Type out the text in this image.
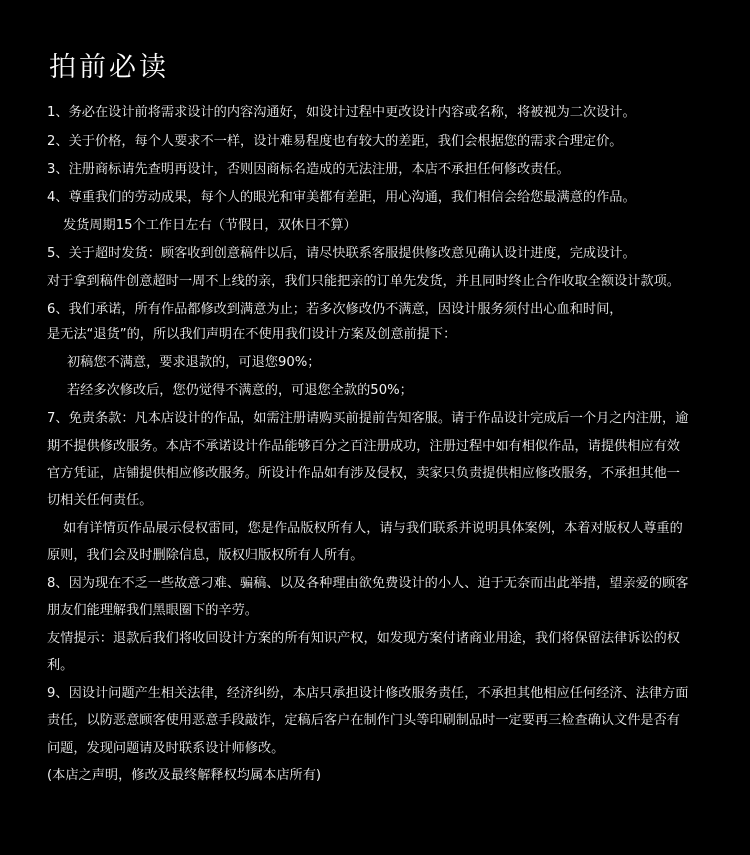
拍前必读
1、务必在设计前将需求设计的内容沟通好，如设计过程中更改设计内容或名称，将被视为二次设计。
2、关于价格，每个人要求不一样，设计难易程度也有较大的差距，我们会根据您的需求合理定价。
3、注册商标请先查明再设计，否则因商标名造成的无法注册，本店不承担任何修改责任。
4、尊重我们的劳动成果，每个人的眼光和审美都有差距，用心沟通，我们相信会给您最满意的作品。
发货周期15个工作日左右（节假日，双休日不算）
5、关于超时发货：顾客收到创意稿件以后，请尽快联系客服提供修改意见确认设计进度，完成设计。
对于拿到稿件创意超时一周不上线的亲，我们只能把亲的订单先发货，并且同时终止合作收取全额设计款项。
6、我们承诺，所有作品都修改到满意为止；若多次修改仍不满意，因设计服务须付出心血和时间，
是无法“退货”的，所以我们声明在不使用我们设计方案及创意前提下：
初稿您不满意，要求退款的，可退您90%；
若经多次修改后，您仍觉得不满意的，可退您全款的50%；
7、免责条款：凡本店设计的作品，如需注册请购买前提前告知客服。请于作品设计完成后一个月之内注册，逾
期不提供修改服务。本店不承诺设计作品能够百分之百注册成功，注册过程中如有相似作品，请提供相应有效
官方凭证，店铺提供相应修改服务。所设计作品如有涉及侵权，卖家只负责提供相应修改服务，不承担其他一
切相关任何责任。
如有详情页作品展示侵权雷同，您是作品版权所有人，请与我们联系并说明具体案例，本着对版权人尊重的
原则，我们会及时删除信息，版权归版权所有人所有。
8、因为现在不乏一些故意刁难、骗稿、以及各种理由欲免费设计的小人、迫于无奈而出此举措，望亲爱的顾客
朋友们能理解我们黑眼圈下的辛劳。
友情提示：退款后我们将收回设计方案的所有知识产权，如发现方案付诸商业用途，我们将保留法律诉讼的权
利。
9、因设计问题产生相关法律，经济纠纷，本店只承担设计修改服务责任，不承担其他相应任何经济、法律方面
责任，以防恶意顾客使用恶意手段敲诈，定稿后客户在制作门头等印刷制品时一定要再三检查确认文件是否有
问题，发现问题请及时联系设计师修改。
(本店之声明，修改及最终解释权均属本店所有)
